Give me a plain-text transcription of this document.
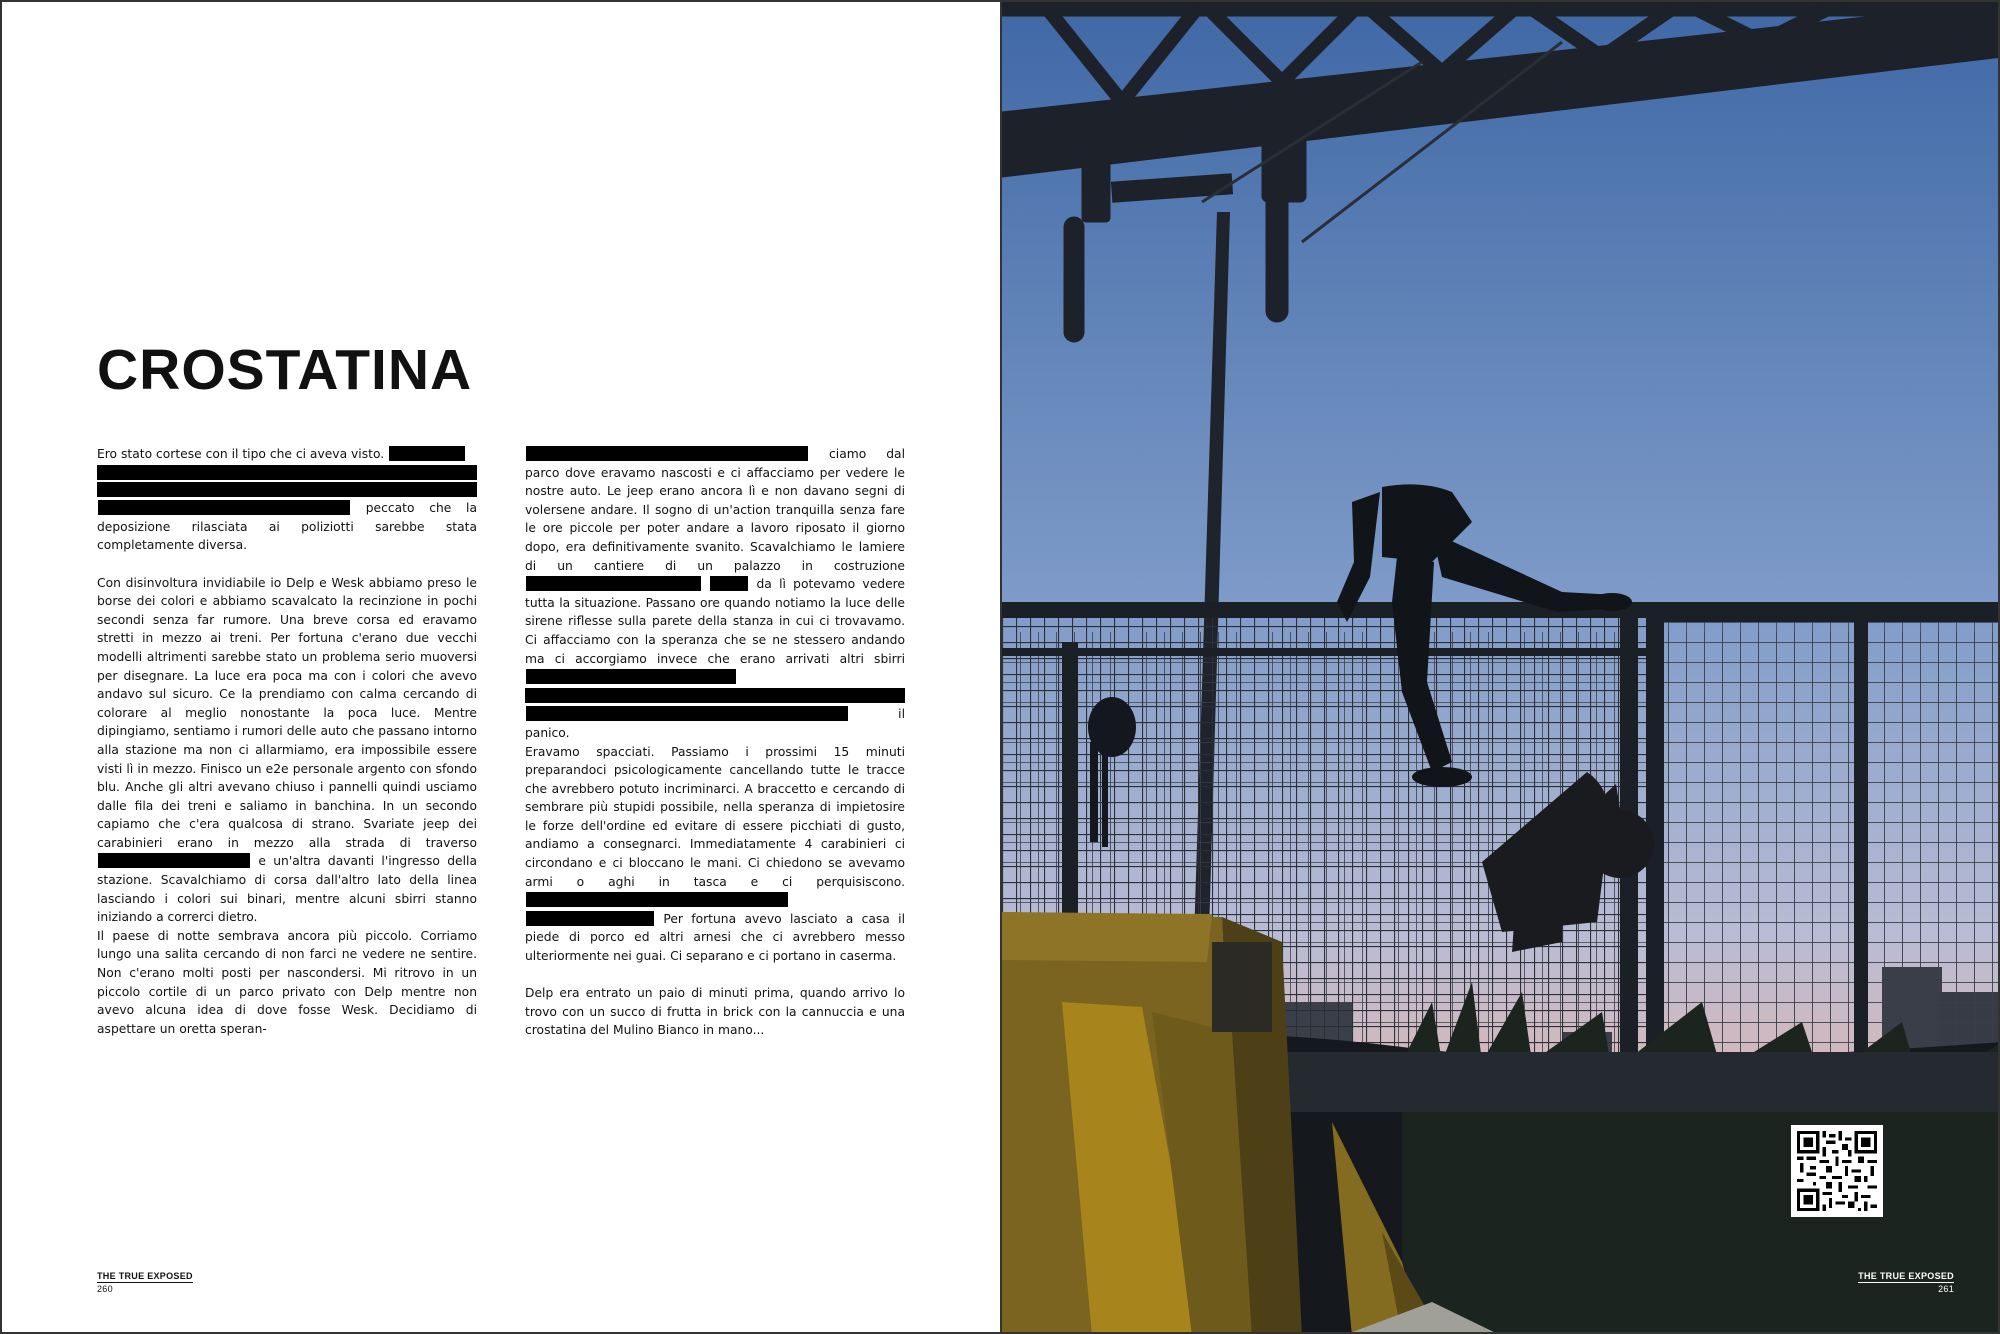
CROSTATINA

Ero stato cortese con il tipo che ci aveva visto.
peccato che la deposizione rilasciata ai poliziotti sarebbe stata completamente diversa.

Con disinvoltura invidiabile io Delp e Wesk abbiamo preso le borse dei colori e abbiamo scavalcato la recinzione in pochi secondi senza far rumore. Una breve corsa ed eravamo stretti in mezzo ai treni. Per fortuna c'erano due vecchi modelli altrimenti sarebbe stato un problema serio muoversi per disegnare. La luce era poca ma con i colori che avevo andavo sul sicuro. Ce la prendiamo con calma cercando di colorare al meglio nonostante la poca luce. Mentre dipingiamo, sentiamo i rumori delle auto che passano intorno alla stazione ma non ci allarmiamo, era impossibile essere visti lì in mezzo. Finisco un e2e personale argento con sfondo blu. Anche gli altri avevano chiuso i pannelli quindi usciamo dalle fila dei treni e saliamo in banchina. In un secondo capiamo che c'era qualcosa di strano. Svariate jeep dei carabinieri erano in mezzo alla strada di traverso  e un'altra davanti l'ingresso della stazione. Scavalchiamo di corsa dall'altro lato della linea lasciando i colori sui binari, mentre alcuni sbirri stanno iniziando a correrci dietro.

Il paese di notte sembrava ancora più piccolo. Corriamo lungo una salita cercando di non farci ne vedere ne sentire. Non c'erano molti posti per nascondersi. Mi ritrovo in un piccolo cortile di un parco privato con Delp mentre non avevo alcuna idea di dove fosse Wesk. Decidiamo di aspettare un oretta speran-

ciamo dal parco dove eravamo nascosti e ci affacciamo per vedere le nostre auto. Le jeep erano ancora lì e non davano segni di volersene andare. Il sogno di un'action tranquilla senza fare le ore piccole per poter andare a lavoro riposato il giorno dopo, era definitivamente svanito. Scavalchiamo le lamiere di un cantiere di un palazzo in costruzione   da lì potevamo vedere tutta la situazione. Passano ore quando notiamo la luce delle sirene riflesse sulla parete della stanza in cui ci trovavamo. Ci affacciamo con la speranza che se ne stessero andando ma ci accorgiamo invece che erano arrivati altri sbirri
il panico.

Eravamo spacciati. Passiamo i prossimi 15 minuti preparandoci psicologicamente cancellando tutte le tracce che avrebbero potuto incriminarci. A braccetto e cercando di sembrare più stupidi possibile, nella speranza di impietosire le forze dell'ordine ed evitare di essere picchiati di gusto, andiamo a consegnarci. Immediatamente 4 carabinieri ci circondano e ci bloccano le mani. Ci chiedono se avevamo armi o aghi in tasca e ci perquisiscono.   Per fortuna avevo lasciato a casa il piede di porco ed altri arnesi che ci avrebbero messo ulteriormente nei guai. Ci separano e ci portano in caserma.

Delp era entrato un paio di minuti prima, quando arrivo lo trovo con un succo di frutta in brick con la cannuccia e una crostatina del Mulino Bianco in mano...

THE TRUE EXPOSED
260
THE TRUE EXPOSED
261
